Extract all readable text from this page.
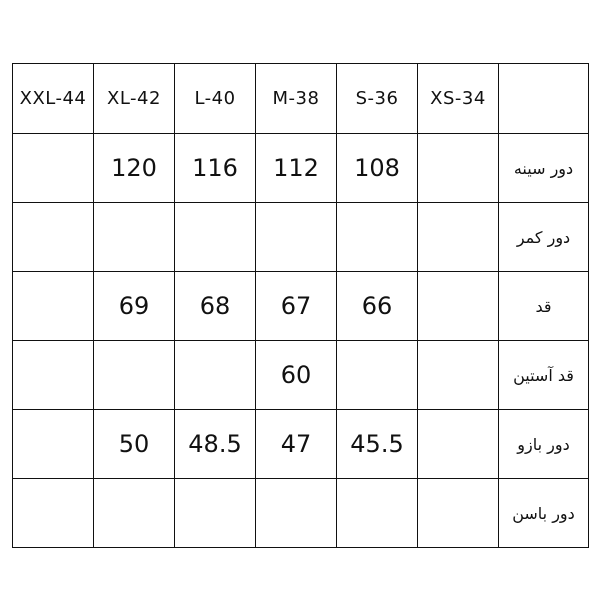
XXL-44	XL-42	L-40	M-38	S-36	XS-34	
	120	116	112	108		دور سینه
						دور کمر
	69	68	67	66		قد
			60			قد آستین
	50	48.5	47	45.5		دور بازو
						دور باسن
